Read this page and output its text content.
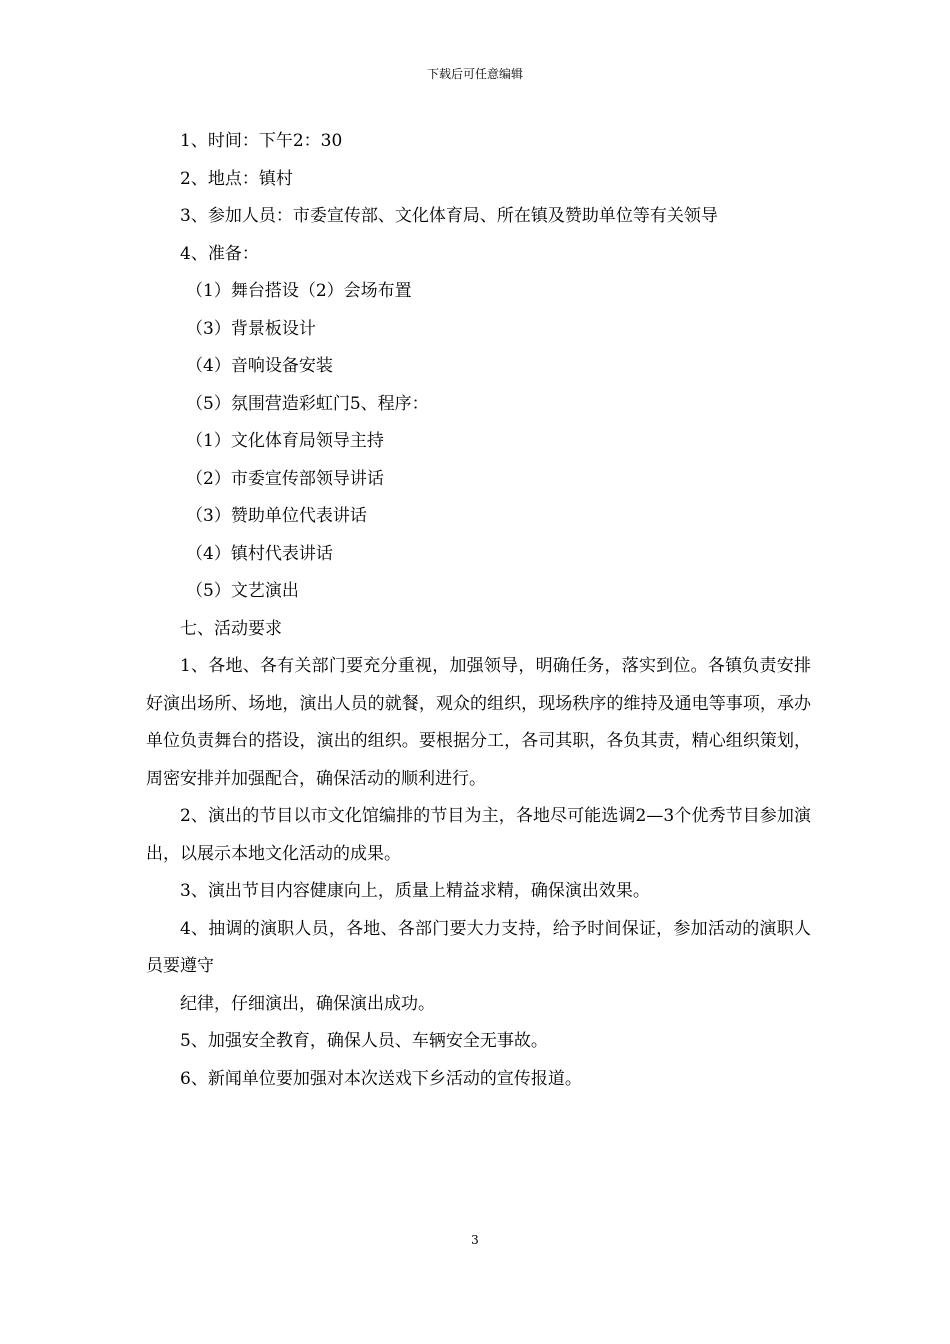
下载后可任意编辑
1、时间：下午2：30
2、地点：镇村
3、参加人员：市委宣传部、文化体育局、所在镇及赞助单位等有关领导
4、准备：
（1）舞台搭设（2）会场布置
（3）背景板设计
（4）音响设备安装
（5）氛围营造彩虹门5、程序：
（1）文化体育局领导主持
（2）市委宣传部领导讲话
（3）赞助单位代表讲话
（4）镇村代表讲话
（5）文艺演出
七、活动要求
1、各地、各有关部门要充分重视，加强领导，明确任务，落实到位。各镇负责安排好演出场所、场地，演出人员的就餐，观众的组织，现场秩序的维持及通电等事项，承办单位负责舞台的搭设，演出的组织。要根据分工，各司其职，各负其责，精心组织策划，周密安排并加强配合，确保活动的顺利进行。
2、演出的节目以市文化馆编排的节目为主，各地尽可能选调2—3个优秀节目参加演出，以展示本地文化活动的成果。
3、演出节目内容健康向上，质量上精益求精，确保演出效果。
4、抽调的演职人员，各地、各部门要大力支持，给予时间保证，参加活动的演职人员要遵守
纪律，仔细演出，确保演出成功。
5、加强安全教育，确保人员、车辆安全无事故。
6、新闻单位要加强对本次送戏下乡活动的宣传报道。
3
